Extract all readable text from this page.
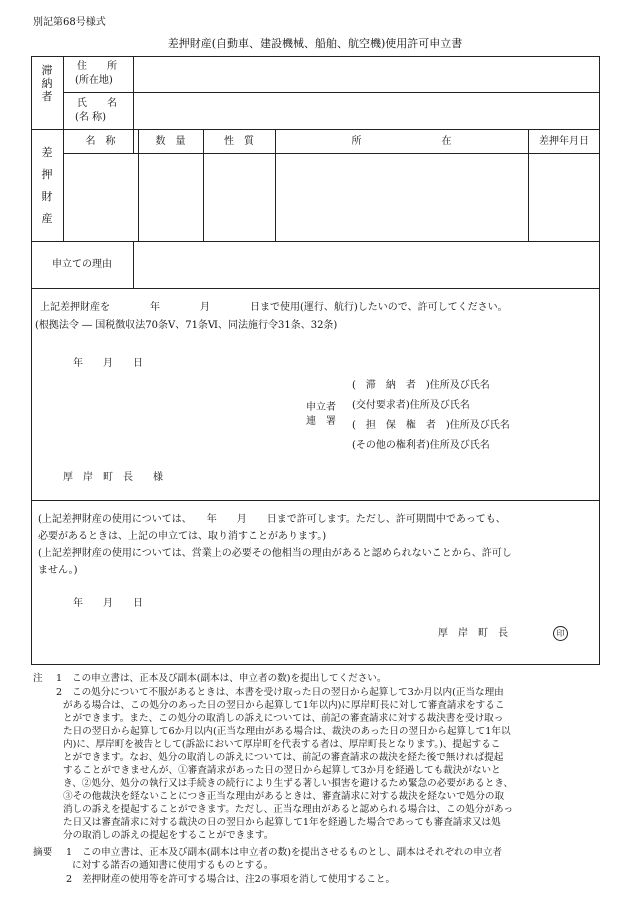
別記第68号様式
差押財産(自動車、建設機械、船舶、航空機)使用許可申立書
滞納者
住　　所
(所在地)
氏　　名
(名 称)
差押財産
名　称	数　量	性　質	所　　　　　　　　在	差押年月日
申立ての理由
上記差押財産を　　　　年　　　　月　　　　日まで使用(運行、航行)したいので、許可してください。
(根拠法令 ― 国税徴収法70条Ⅴ、71条Ⅵ、同法施行令31条、32条)
年　　月　　日
申立者
連　署
(　滞　納　者　)住所及び氏名
(交付要求者)住所及び氏名
(　担　保　権　者　)住所及び氏名
(その他の権利者)住所及び氏名
厚　岸　町　長　　様
(上記差押財産の使用については、　　年　　月　　日まで許可します。ただし、許可期間中であっても、
必要があるときは、上記の申立ては、取り消すことがあります。)
(上記差押財産の使用については、営業上の必要その他相当の理由があると認められないことから、許可し
ません。)
年　　月　　日
厚　岸　町　長	印
注 1 この申立書は、正本及び副本(副本は、申立者の数)を提出してください。
2 この処分について不服があるときは、本書を受け取った日の翌日から起算して3か月以内(正当な理由
がある場合は、この処分のあった日の翌日から起算して1年以内)に厚岸町長に対して審査請求をするこ
とができます。また、この処分の取消しの訴えについては、前記の審査請求に対する裁決書を受け取っ
た日の翌日から起算して6か月以内(正当な理由がある場合は、裁決のあった日の翌日から起算して1年以
内)に、厚岸町を被告として(訴訟において厚岸町を代表する者は、厚岸町長となります。)、提起するこ
とができます。なお、処分の取消しの訴えについては、前記の審査請求の裁決を経た後で無ければ提起
することができませんが、①審査請求があった日の翌日から起算して3か月を経過しても裁決がないと
き、②処分、処分の執行又は手続きの続行により生ずる著しい損害を避けるため緊急の必要があるとき、
③その他裁決を経ないことにつき正当な理由があるときは、審査請求に対する裁決を経ないで処分の取
消しの訴えを提起することができます。ただし、正当な理由があると認められる場合は、この処分があっ
た日又は審査請求に対する裁決の日の翌日から起算して1年を経過した場合であっても審査請求又は処
分の取消しの訴えの提起をすることができます。
摘要 1 この申立書は、正本及び副本(副本は申立者の数)を提出させるものとし、副本はそれぞれの申立者
に対する諾否の通知書に使用するものとする。
2 差押財産の使用等を許可する場合は、注2の事項を消して使用すること。
